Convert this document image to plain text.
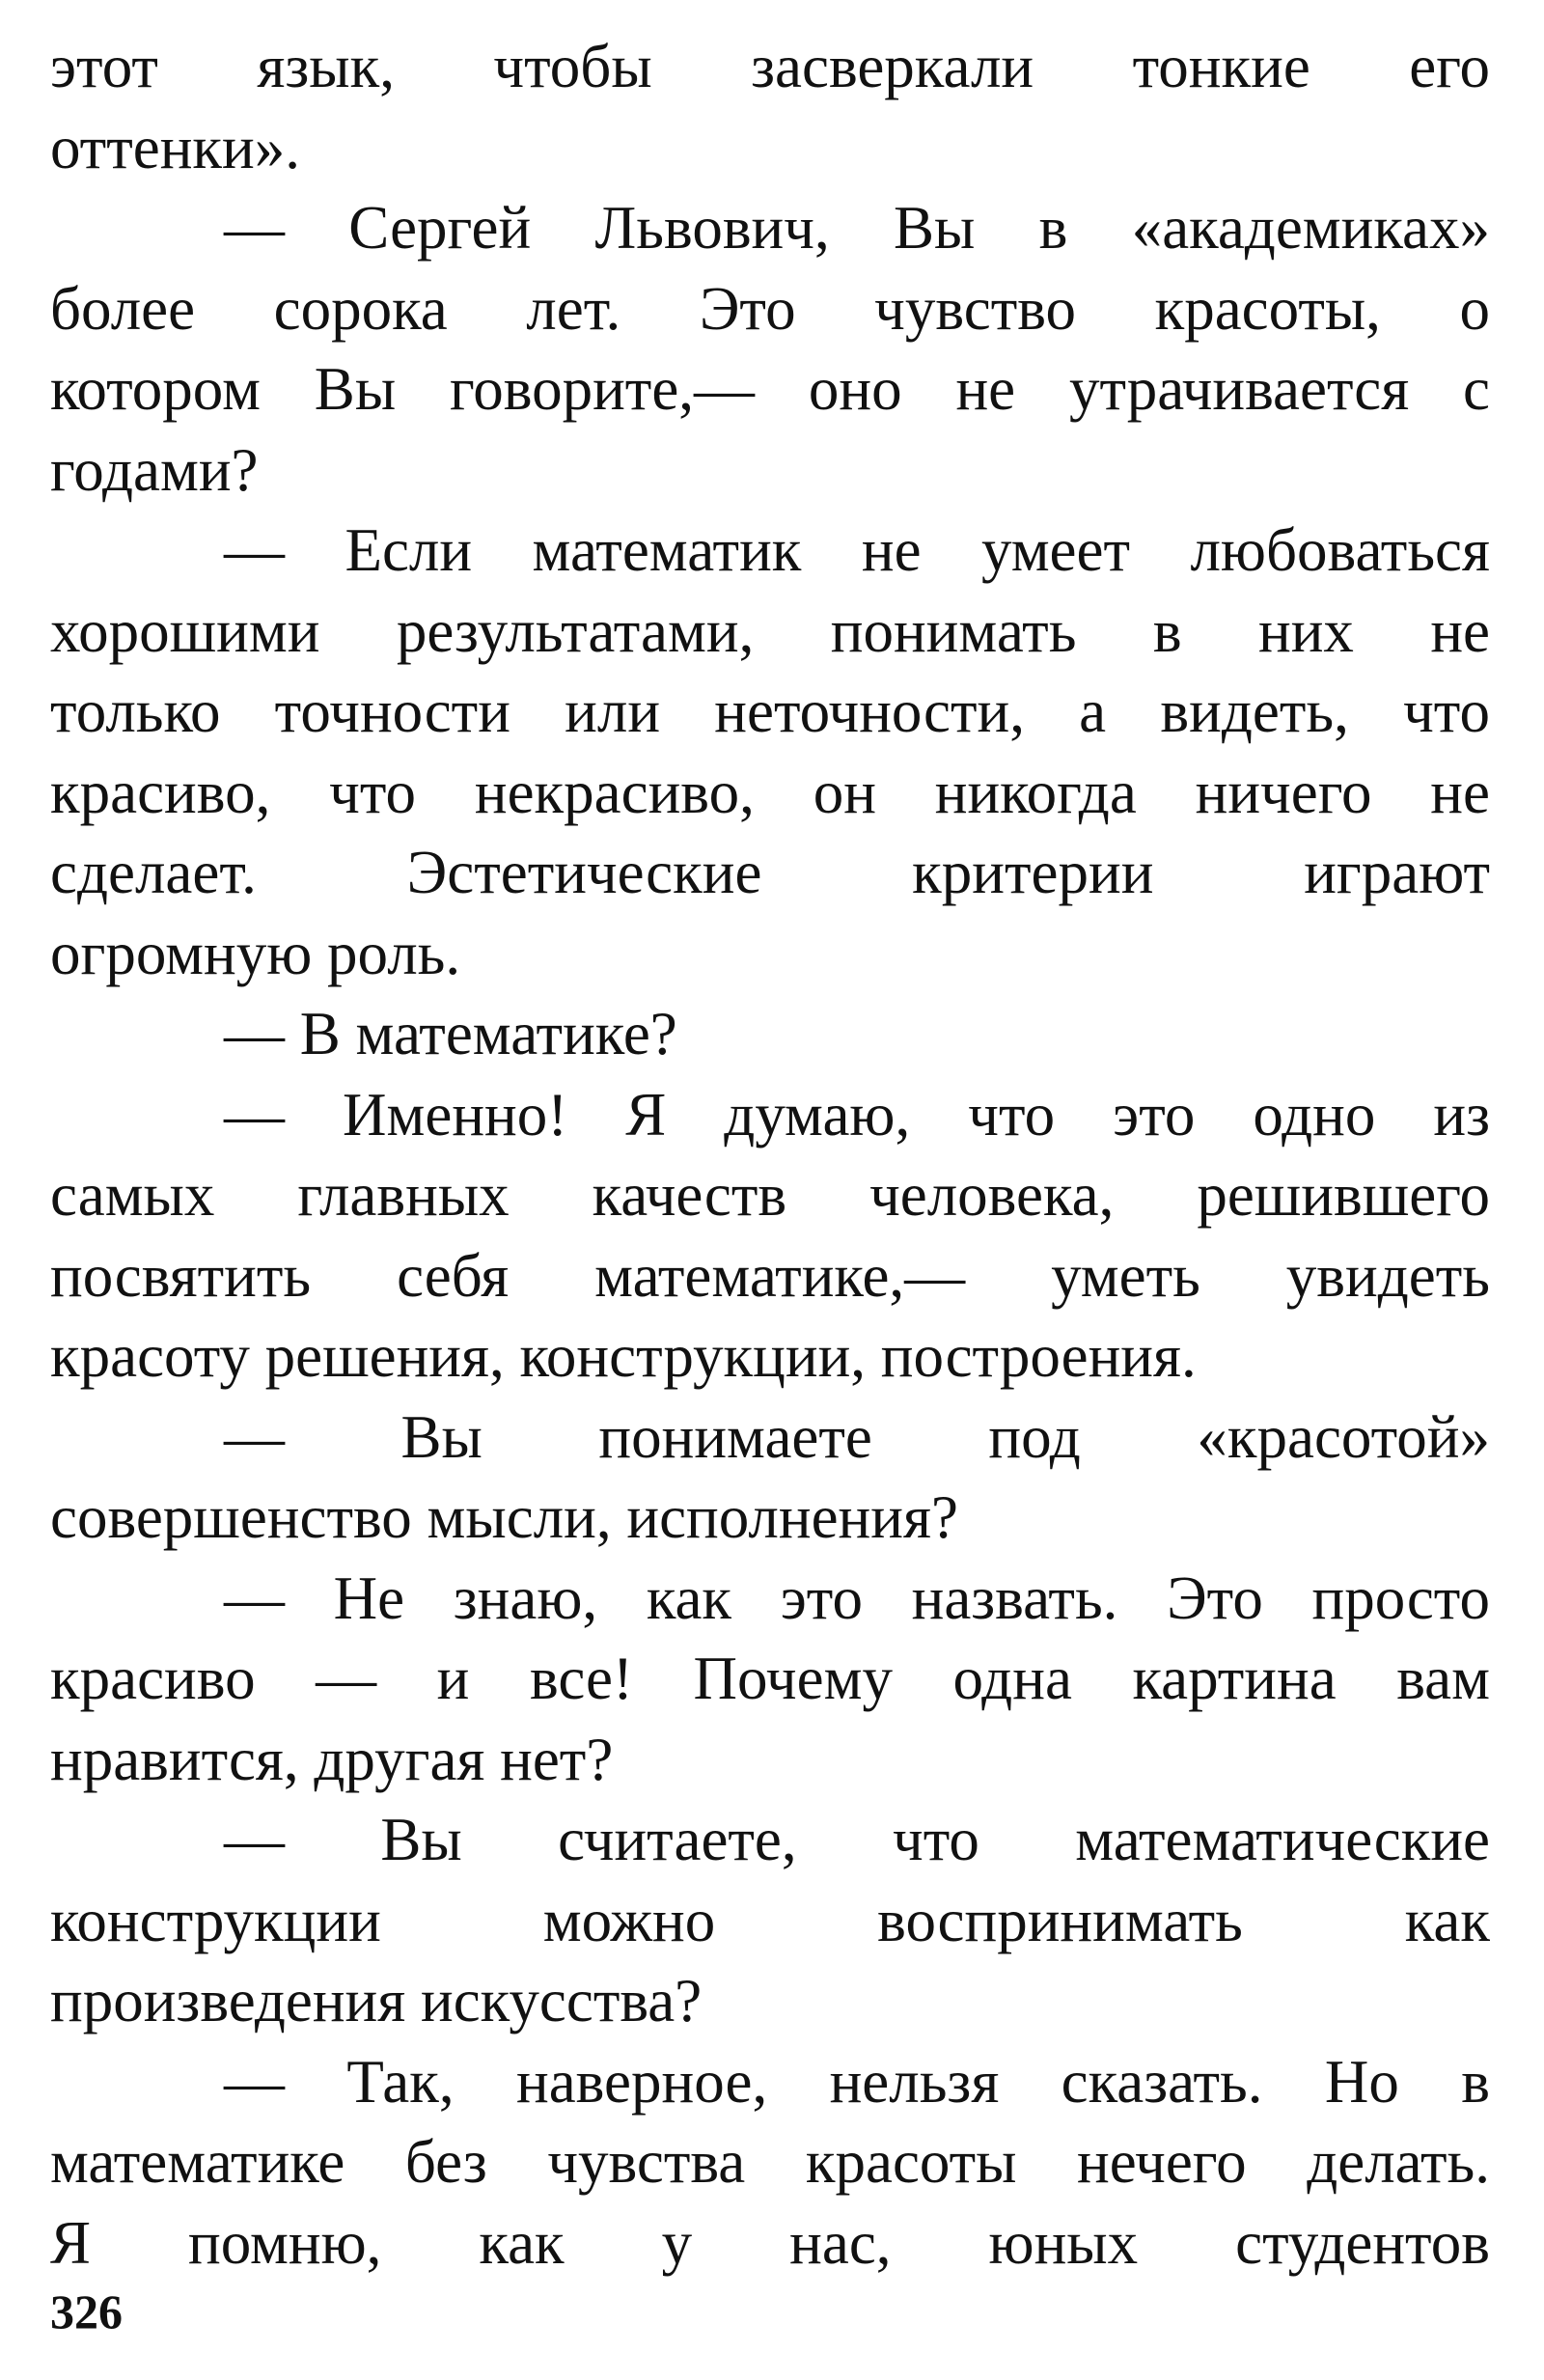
этот язык, чтобы засверкали тонкие его
оттенки».
— Сергей Львович, Вы в «академиках»
более сорока лет. Это чувство красоты, о
котором Вы говорите,— оно не утрачивается с
годами?
— Если математик не умеет любоваться
хорошими результатами, понимать в них не
только точности или неточности, а видеть, что
красиво, что некрасиво, он никогда ничего не
сделает. Эстетические критерии играют
огромную роль.
— В математике?
— Именно! Я думаю, что это одно из
самых главных качеств человека, решившего
посвятить себя математике,— уметь увидеть
красоту решения, конструкции, построения.
— Вы понимаете под «красотой»
совершенство мысли, исполнения?
— Не знаю, как это назвать. Это просто
красиво — и все! Почему одна картина вам
нравится, другая нет?
— Вы считаете, что математические
конструкции можно воспринимать как
произведения искусства?
— Так, наверное, нельзя сказать. Но в
математике без чувства красоты нечего делать.
Я помню, как у нас, юных студентов
326
